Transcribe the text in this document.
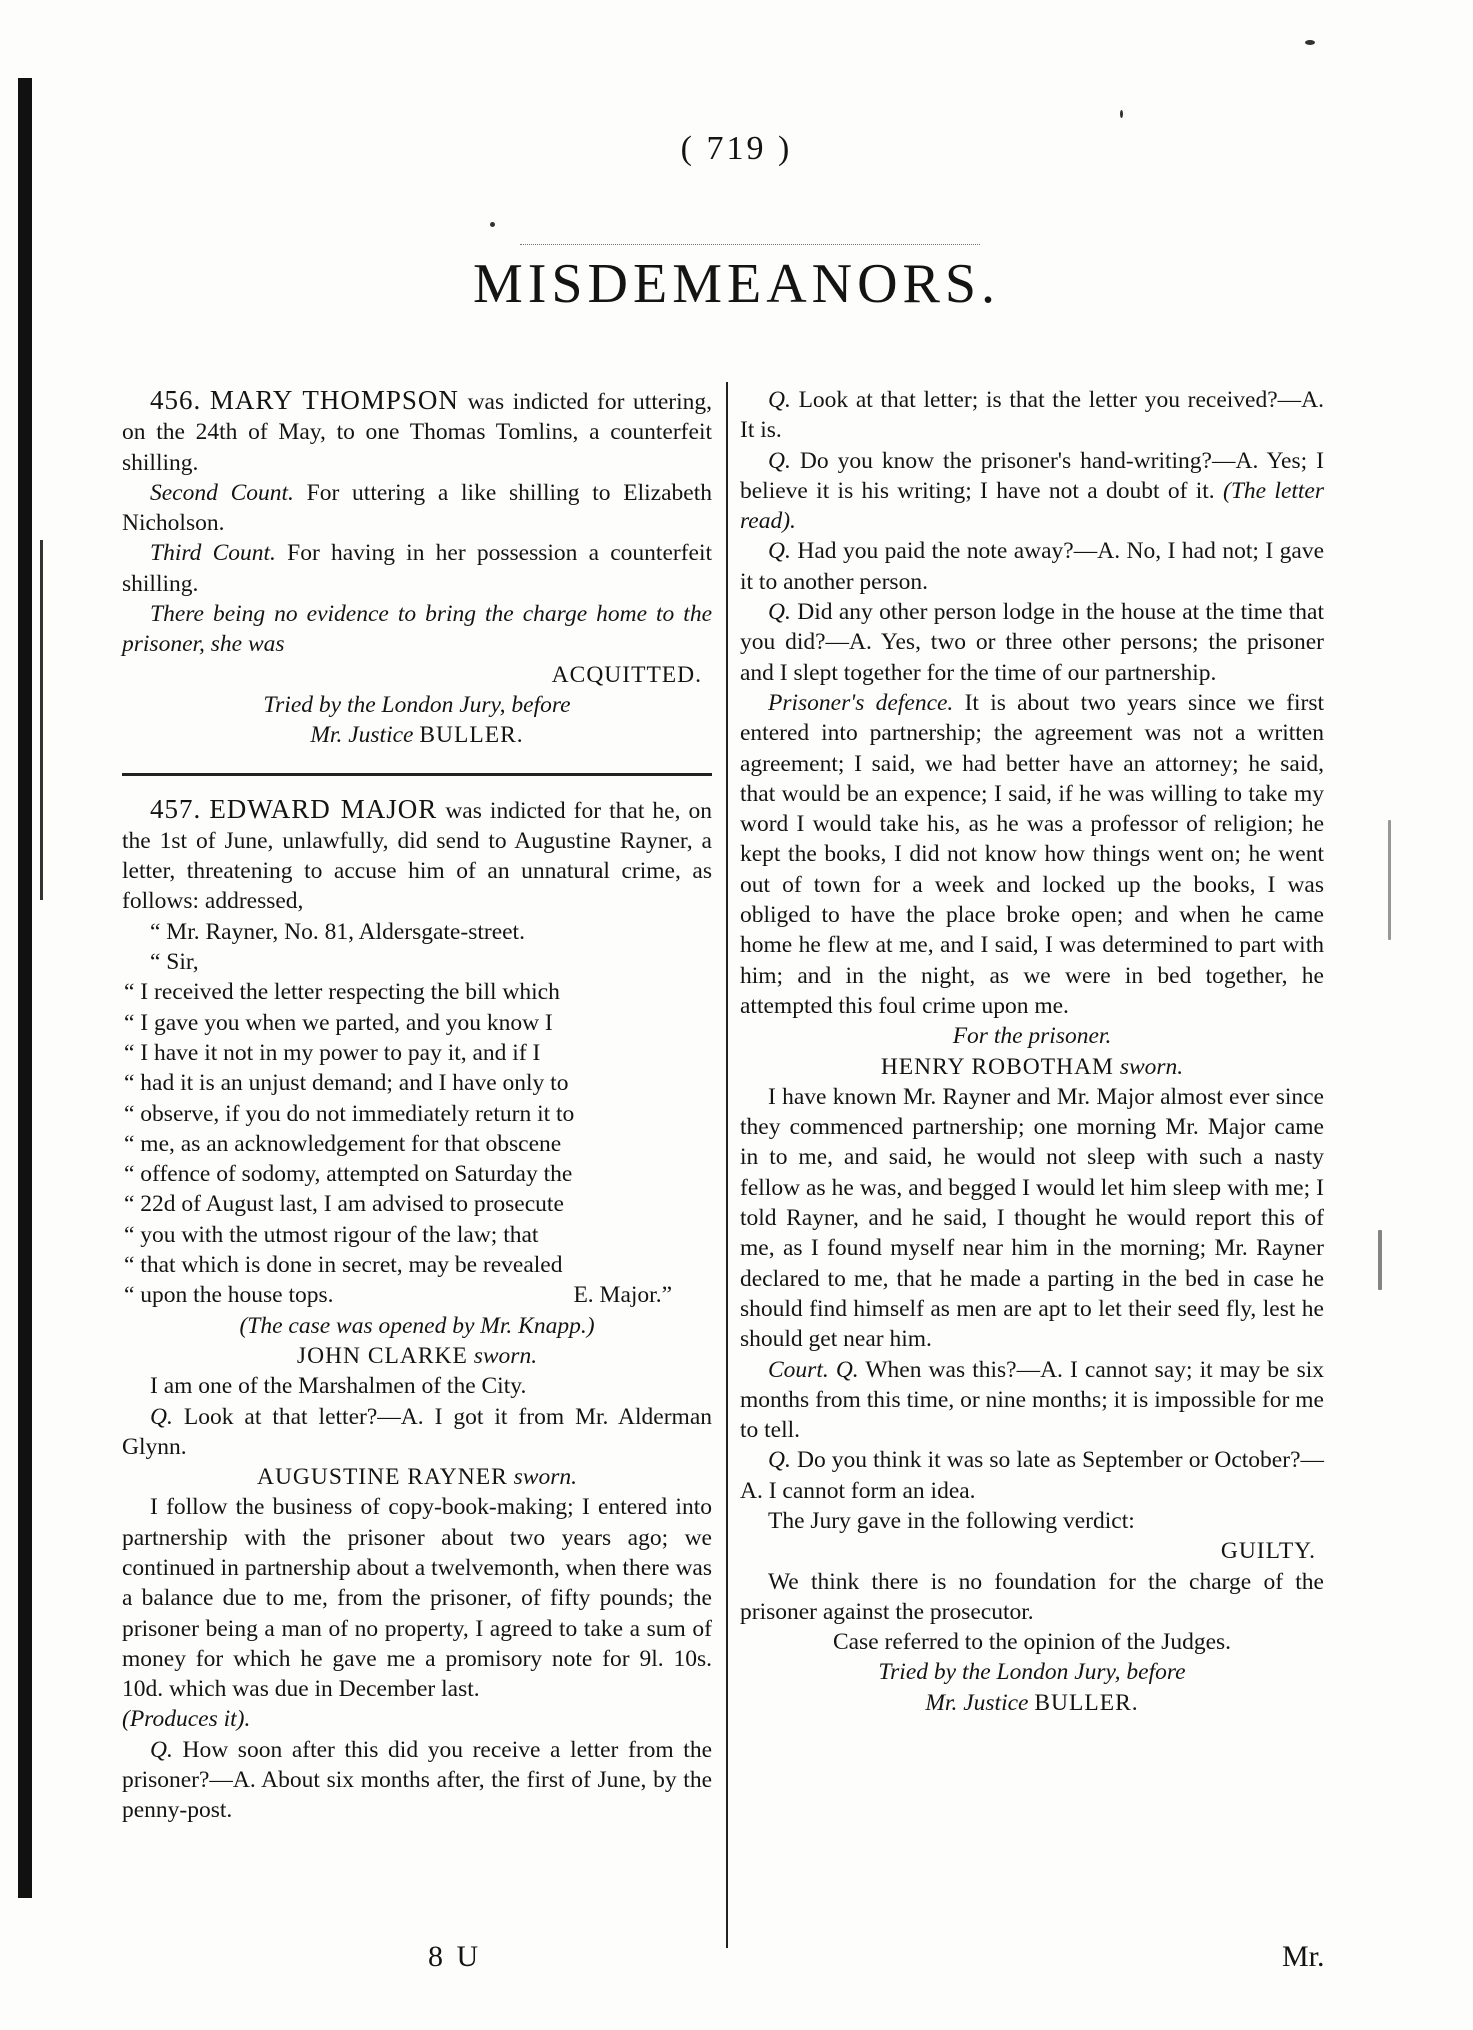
( 719 )
MISDEMEANORS.

456. MARY THOMPSON was indicted for uttering, on the 24th of May, to one Thomas Tomlins, a counterfeit shilling.

Second Count. For uttering a like shilling to Elizabeth Nicholson.

Third Count. For having in her possession a counterfeit shilling.

There being no evidence to bring the charge home to the prisoner, she was

ACQUITTED.

Tried by the London Jury, before

Mr. Justice BULLER.

457. EDWARD MAJOR was indicted for that he, on the 1st of June, unlawfully, did send to Augustine Rayner, a letter, threatening to accuse him of an unnatural crime, as follows: addressed,

“ Mr. Rayner, No. 81, Aldersgate-street.

“ Sir,

“ I received the letter respecting the bill which

“ I gave you when we parted, and you know I

“ I have it not in my power to pay it, and if I

“ had it is an unjust demand; and I have only to

“ observe, if you do not immediately return it to

“ me, as an acknowledgement for that obscene

“ offence of sodomy, attempted on Saturday the

“ 22d of August last, I am advised to prosecute

“ you with the utmost rigour of the law; that

“ that which is done in secret, may be revealed

“ upon the house tops.	E. Major.”

(The case was opened by Mr. Knapp.)

JOHN CLARKE sworn.

I am one of the Marshalmen of the City.

Q. Look at that letter?—A. I got it from Mr. Alderman Glynn.

AUGUSTINE RAYNER sworn.

I follow the business of copy-book-making; I entered into partnership with the prisoner about two years ago; we continued in partnership about a twelvemonth, when there was a balance due to me, from the prisoner, of fifty pounds; the prisoner being a man of no property, I agreed to take a sum of money for which he gave me a promisory note for 9l. 10s. 10d. which was due in December last.

(Produces it).

Q. How soon after this did you receive a letter from the prisoner?—A. About six months after, the first of June, by the penny-post.

Q. Look at that letter; is that the letter you received?—A. It is.

Q. Do you know the prisoner's hand-writing?—A. Yes; I believe it is his writing; I have not a doubt of it. (The letter read).

Q. Had you paid the note away?—A. No, I had not; I gave it to another person.

Q. Did any other person lodge in the house at the time that you did?—A. Yes, two or three other persons; the prisoner and I slept together for the time of our partnership.

Prisoner's defence. It is about two years since we first entered into partnership; the agreement was not a written agreement; I said, we had better have an attorney; he said, that would be an expence; I said, if he was willing to take my word I would take his, as he was a professor of religion; he kept the books, I did not know how things went on; he went out of town for a week and locked up the books, I was obliged to have the place broke open; and when he came home he flew at me, and I said, I was determined to part with him; and in the night, as we were in bed together, he attempted this foul crime upon me.

For the prisoner.

HENRY ROBOTHAM sworn.

I have known Mr. Rayner and Mr. Major almost ever since they commenced partnership; one morning Mr. Major came in to me, and said, he would not sleep with such a nasty fellow as he was, and begged I would let him sleep with me; I told Rayner, and he said, I thought he would report this of me, as I found myself near him in the morning; Mr. Rayner declared to me, that he made a parting in the bed in case he should find himself as men are apt to let their seed fly, lest he should get near him.

Court. Q. When was this?—A. I cannot say; it may be six months from this time, or nine months; it is impossible for me to tell.

Q. Do you think it was so late as September or October?—A. I cannot form an idea.

The Jury gave in the following verdict:

GUILTY.

We think there is no foundation for the charge of the prisoner against the prosecutor.

Case referred to the opinion of the Judges.

Tried by the London Jury, before

Mr. Justice BULLER.

8 U	Mr.
